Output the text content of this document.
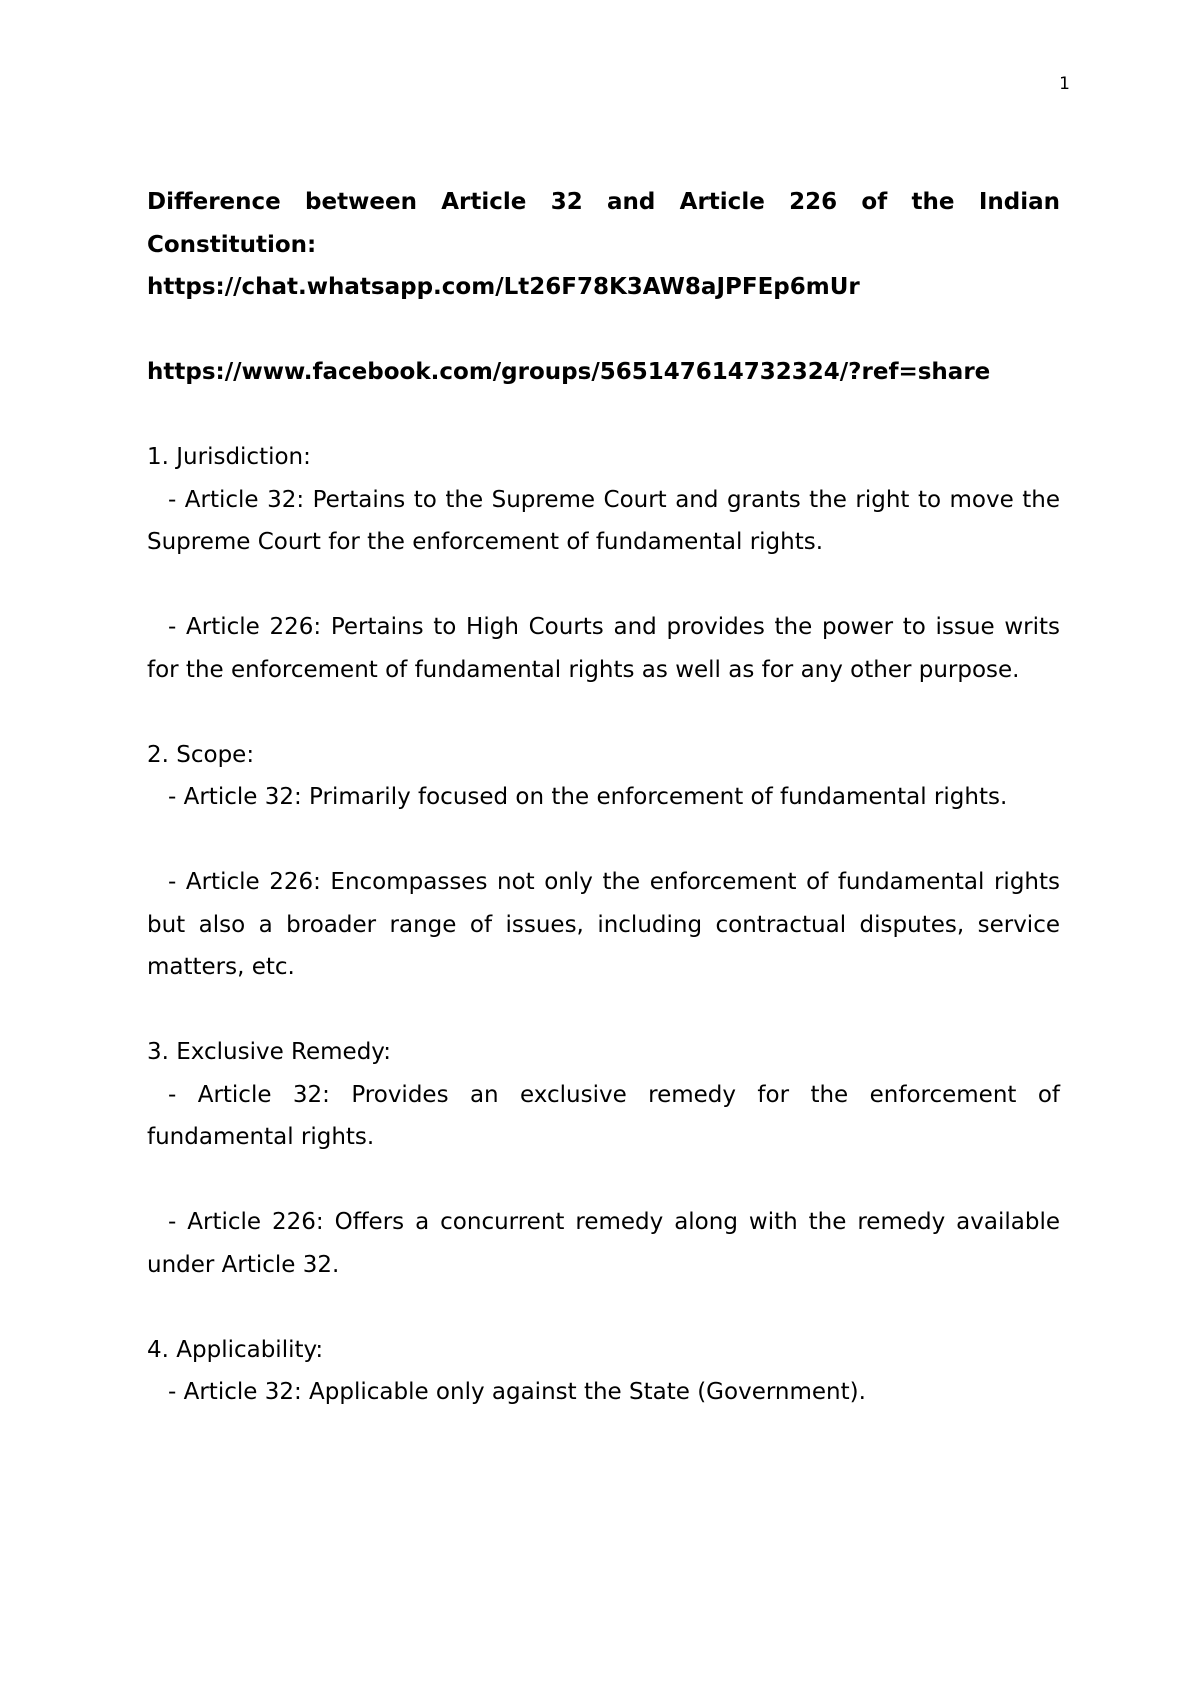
1

Difference between Article 32 and Article 226 of the Indian Constitution:

https://chat.whatsapp.com/Lt26F78K3AW8aJPFEp6mUr

https://www.facebook.com/groups/565147614732324/?ref=share

1. Jurisdiction:

- Article 32: Pertains to the Supreme Court and grants the right to move the Supreme Court for the enforcement of fundamental rights.

- Article 226: Pertains to High Courts and provides the power to issue writs for the enforcement of fundamental rights as well as for any other purpose.

2. Scope:

- Article 32: Primarily focused on the enforcement of fundamental rights.

- Article 226: Encompasses not only the enforcement of fundamental rights but also a broader range of issues, including contractual disputes, service matters, etc.

3. Exclusive Remedy:

- Article 32: Provides an exclusive remedy for the enforcement of fundamental rights.

- Article 226: Offers a concurrent remedy along with the remedy available under Article 32.

4. Applicability:

- Article 32: Applicable only against the State (Government).
